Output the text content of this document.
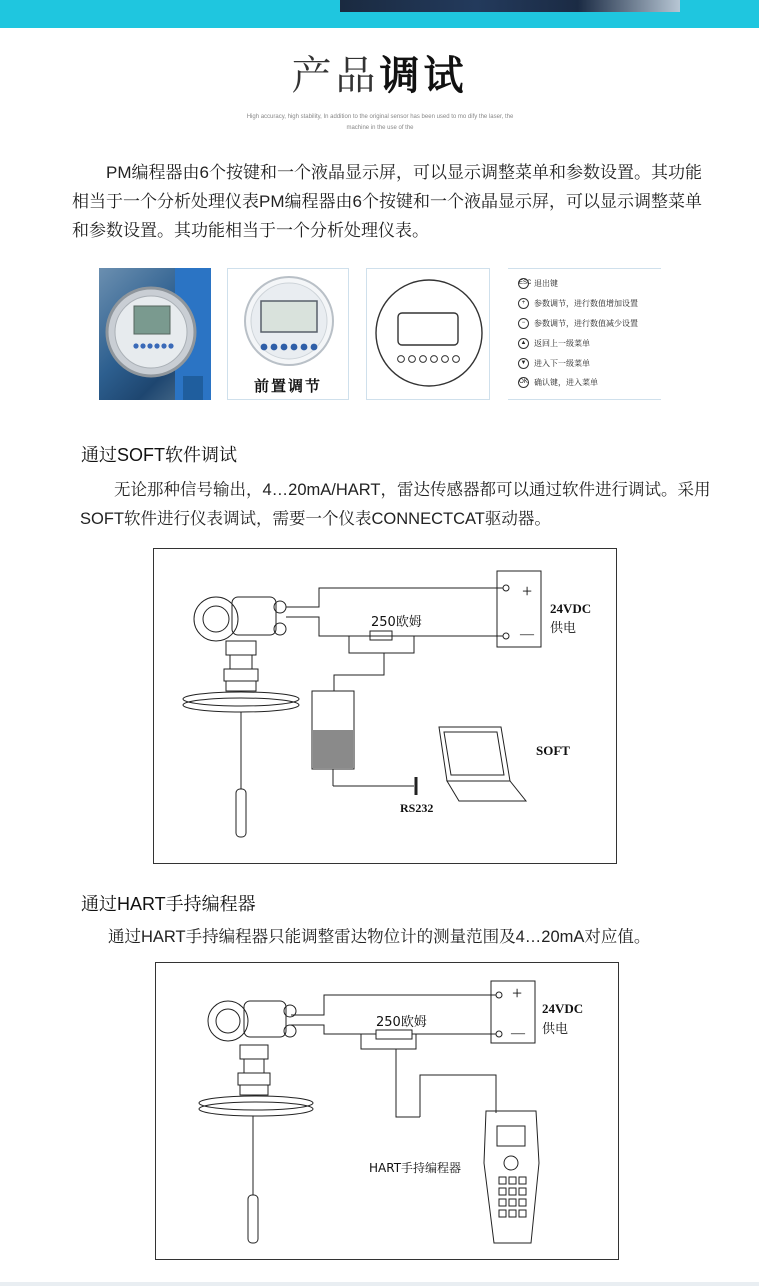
产品调试
High accuracy, high stability, In addition to the original sensor has been used to mo dify the laser, the machine in the use of the
PM编程器由6个按键和一个液晶显示屏，可以显示调整菜单和参数设置。其功能相当于一个分析处理仪表PM编程器由6个按键和一个液晶显示屏，可以显示调整菜单和参数设置。其功能相当于一个分析处理仪表。
前置调节
ESC 退出键
+ 参数调节，进行数值增加设置
− 参数调节，进行数值减少设置
▲ 返回上一级菜单
▼ 进入下一级菜单
OK 确认键，进入菜单
通过SOFT软件调试
无论那种信号输出，4…20mA/HART，雷达传感器都可以通过软件进行调试。采用SOFT软件进行仪表调试，需要一个仪表CONNECTCAT驱动器。
+
—
250欧姆
24VDC
供电
SOFT
RS232
通过HART手持编程器
通过HART手持编程器只能调整雷达物位计的测量范围及4…20mA对应值。
+
—
250欧姆
24VDC
供电
HART手持编程器
